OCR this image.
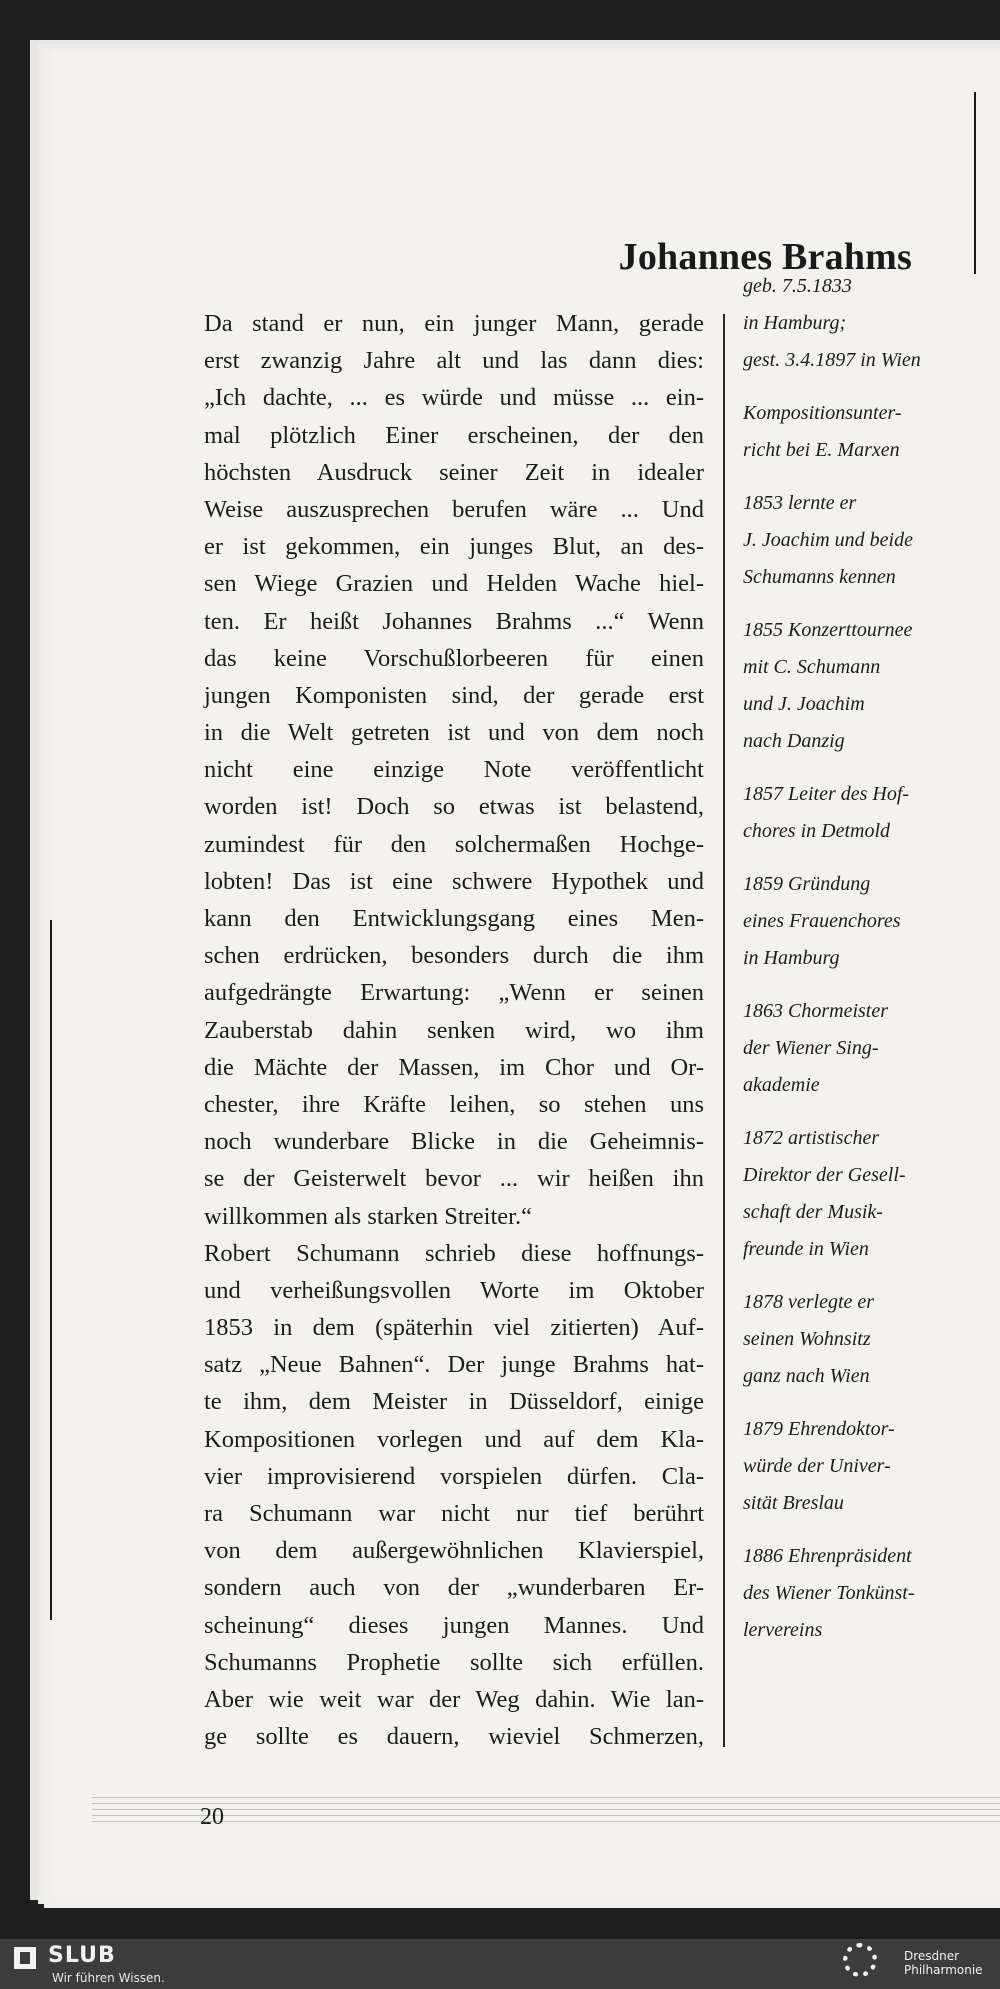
Johannes Brahms
Da stand er nun, ein junger Mann, gerade
erst zwanzig Jahre alt und las dann dies:
„Ich dachte, ... es würde und müsse ... ein-
mal plötzlich Einer erscheinen, der den
höchsten Ausdruck seiner Zeit in idealer
Weise auszusprechen berufen wäre ... Und
er ist gekommen, ein junges Blut, an des-
sen Wiege Grazien und Helden Wache hiel-
ten. Er heißt Johannes Brahms ...“ Wenn
das keine Vorschußlorbeeren für einen
jungen Komponisten sind, der gerade erst
in die Welt getreten ist und von dem noch
nicht eine einzige Note veröffentlicht
worden ist! Doch so etwas ist belastend,
zumindest für den solchermaßen Hochge-
lobten! Das ist eine schwere Hypothek und
kann den Entwicklungsgang eines Men-
schen erdrücken, besonders durch die ihm
aufgedrängte Erwartung: „Wenn er seinen
Zauberstab dahin senken wird, wo ihm
die Mächte der Massen, im Chor und Or-
chester, ihre Kräfte leihen, so stehen uns
noch wunderbare Blicke in die Geheimnis-
se der Geisterwelt bevor ... wir heißen ihn
willkommen als starken Streiter.“
Robert Schumann schrieb diese hoffnungs-
und verheißungsvollen Worte im Oktober
1853 in dem (späterhin viel zitierten) Auf-
satz „Neue Bahnen“. Der junge Brahms hat-
te ihm, dem Meister in Düsseldorf, einige
Kompositionen vorlegen und auf dem Kla-
vier improvisierend vorspielen dürfen. Cla-
ra Schumann war nicht nur tief berührt
von dem außergewöhnlichen Klavierspiel,
sondern auch von der „wunderbaren Er-
scheinung“ dieses jungen Mannes. Und
Schumanns Prophetie sollte sich erfüllen.
Aber wie weit war der Weg dahin. Wie lan-
ge sollte es dauern, wieviel Schmerzen,
geb. 7.5.1833
in Hamburg;
gest. 3.4.1897 in Wien
Kompositionsunter-
richt bei E. Marxen
1853 lernte er
J. Joachim und beide
Schumanns kennen
1855 Konzerttournee
mit C. Schumann
und J. Joachim
nach Danzig
1857 Leiter des Hof-
chores in Detmold
1859 Gründung
eines Frauenchores
in Hamburg
1863 Chormeister
der Wiener Sing-
akademie
1872 artistischer
Direktor der Gesell-
schaft der Musik-
freunde in Wien
1878 verlegte er
seinen Wohnsitz
ganz nach Wien
1879 Ehrendoktor-
würde der Univer-
sität Breslau
1886 Ehrenpräsident
des Wiener Tonkünst-
lervereins
20
SLUB
Wir führen Wissen.
Dresdner
Philharmonie
